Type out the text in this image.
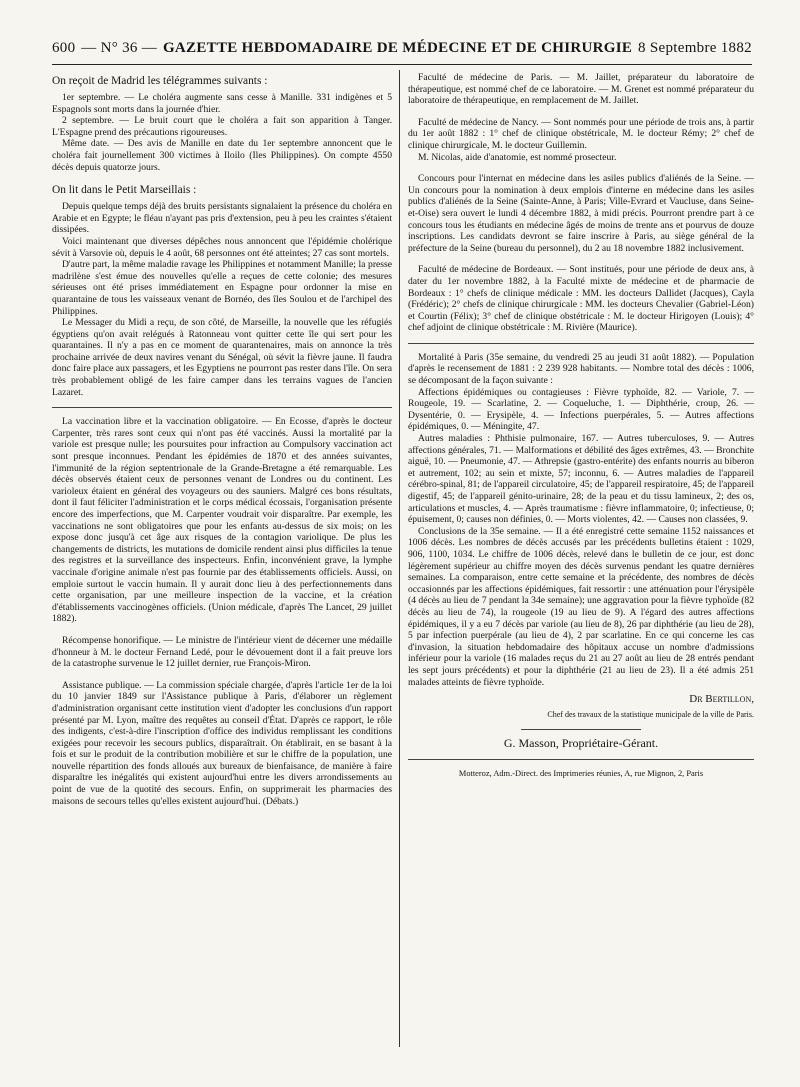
600 — N° 36 — GAZETTE HEBDOMADAIRE DE MÉDECINE ET DE CHIRURGIE 8 Septembre 1882

On reçoit de Madrid les télégrammes suivants :

1er septembre. — Le choléra augmente sans cesse à Manille. 331 indigènes et 5 Espagnols sont morts dans la journée d'hier.

2 septembre. — Le bruit court que le choléra a fait son apparition à Tanger. L'Espagne prend des précautions rigoureuses.

Même date. — Des avis de Manille en date du 1er septembre annoncent que le choléra fait journellement 300 victimes à Iloilo (Iles Philippines). On compte 4550 décès depuis quatorze jours.

On lit dans le Petit Marseillais :

Depuis quelque temps déjà des bruits persistants signalaient la présence du choléra en Arabie et en Egypte; le fléau n'ayant pas pris d'extension, peu à peu les craintes s'étaient dissipées.

Voici maintenant que diverses dépêches nous annoncent que l'épidémie cholérique sévit à Varsovie où, depuis le 4 août, 68 personnes ont été atteintes; 27 cas sont mortels.

D'autre part, la même maladie ravage les Philippines et notamment Manille; la presse madrilène s'est émue des nouvelles qu'elle a reçues de cette colonie; des mesures sérieuses ont été prises immédiatement en Espagne pour ordonner la mise en quarantaine de tous les vaisseaux venant de Bornéo, des îles Soulou et de l'archipel des Philippines.

Le Messager du Midi a reçu, de son côté, de Marseille, la nouvelle que les réfugiés égyptiens qu'on avait relégués à Ratonneau vont quitter cette île qui sert pour les quarantaines. Il n'y a pas en ce moment de quarantenaires, mais on annonce la très prochaine arrivée de deux navires venant du Sénégal, où sévit la fièvre jaune. Il faudra donc faire place aux passagers, et les Egyptiens ne pourront pas rester dans l'île. On sera très probablement obligé de les faire camper dans les terrains vagues de l'ancien Lazaret.

La vaccination libre et la vaccination obligatoire. — En Ecosse, d'après le docteur Carpenter, très rares sont ceux qui n'ont pas été vaccinés. Aussi la mortalité par la variole est presque nulle; les poursuites pour infraction au Compulsory vaccination act sont presque inconnues. Pendant les épidémies de 1870 et des années suivantes, l'immunité de la région septentrionale de la Grande-Bretagne a été remarquable. Les décès observés étaient ceux de personnes venant de Londres ou du continent. Les varioleux étaient en général des voyageurs ou des sauniers. Malgré ces bons résultats, dont il faut féliciter l'administration et le corps médical écossais, l'organisation présente encore des imperfections, que M. Carpenter voudrait voir disparaître. Par exemple, les vaccinations ne sont obligatoires que pour les enfants au-dessus de six mois; on les expose donc jusqu'à cet âge aux risques de la contagion variolique. De plus les changements de districts, les mutations de domicile rendent ainsi plus difficiles la tenue des registres et la surveillance des inspecteurs. Enfin, inconvénient grave, la lymphe vaccinale d'origine animale n'est pas fournie par des établissements officiels. Aussi, on emploie surtout le vaccin humain. Il y aurait donc lieu à des perfectionnements dans cette organisation, par une meilleure inspection de la vaccine, et la création d'établissements vaccinogènes officiels. (Union médicale, d'après The Lancet, 29 juillet 1882).

Récompense honorifique. — Le ministre de l'intérieur vient de décerner une médaille d'honneur à M. le docteur Fernand Ledé, pour le dévouement dont il a fait preuve lors de la catastrophe survenue le 12 juillet dernier, rue François-Miron.

Assistance publique. — La commission spéciale chargée, d'après l'article 1er de la loi du 10 janvier 1849 sur l'Assistance publique à Paris, d'élaborer un règlement d'administration organisant cette institution vient d'adopter les conclusions d'un rapport présenté par M. Lyon, maître des requêtes au conseil d'État. D'après ce rapport, le rôle des indigents, c'est-à-dire l'inscription d'office des individus remplissant les conditions exigées pour recevoir les secours publics, disparaîtrait. On établirait, en se basant à la fois et sur le produit de la contribution mobilière et sur le chiffre de la population, une nouvelle répartition des fonds alloués aux bureaux de bienfaisance, de manière à faire disparaître les inégalités qui existent aujourd'hui entre les divers arrondissements au point de vue de la quotité des secours. Enfin, on supprimerait les pharmacies des maisons de secours telles qu'elles existent aujourd'hui. (Débats.)

Faculté de médecine de Paris. — M. Jaillet, préparateur du laboratoire de thérapeutique, est nommé chef de ce laboratoire. — M. Grenet est nommé préparateur du laboratoire de thérapeutique, en remplacement de M. Jaillet.

Faculté de médecine de Nancy. — Sont nommés pour une période de trois ans, à partir du 1er août 1882 : 1° chef de clinique obstétricale, M. le docteur Rémy; 2° chef de clinique chirurgicale, M. le docteur Guillemin.

M. Nicolas, aide d'anatomie, est nommé prosecteur.

Concours pour l'internat en médecine dans les asiles publics d'aliénés de la Seine. — Un concours pour la nomination à deux emplois d'interne en médecine dans les asiles publics d'aliénés de la Seine (Sainte-Anne, à Paris; Ville-Evrard et Vaucluse, dans Seine-et-Oise) sera ouvert le lundi 4 décembre 1882, à midi précis. Pourront prendre part à ce concours tous les étudiants en médecine âgés de moins de trente ans et pourvus de douze inscriptions. Les candidats devront se faire inscrire à Paris, au siège général de la préfecture de la Seine (bureau du personnel), du 2 au 18 novembre 1882 inclusivement.

Faculté de médecine de Bordeaux. — Sont institués, pour une période de deux ans, à dater du 1er novembre 1882, à la Faculté mixte de médecine et de pharmacie de Bordeaux : 1° chefs de clinique médicale : MM. les docteurs Dallidet (Jacques), Cayla (Frédéric); 2° chefs de clinique chirurgicale : MM. les docteurs Chevalier (Gabriel-Léon) et Courtin (Félix); 3° chef de clinique obstétricale : M. le docteur Hirigoyen (Louis); 4° chef adjoint de clinique obstétricale : M. Rivière (Maurice).

Mortalité à Paris (35e semaine, du vendredi 25 au jeudi 31 août 1882). — Population d'après le recensement de 1881 : 2 239 928 habitants. — Nombre total des décès : 1006, se décomposant de la façon suivante :

Affections épidémiques ou contagieuses : Fièvre typhoïde, 82. — Variole, 7. — Rougeole, 19. — Scarlatine, 2. — Coqueluche, 1. — Diphthérie, croup, 26. — Dysentérie, 0. — Erysipèle, 4. — Infections puerpérales, 5. — Autres affections épidémiques, 0. — Méningite, 47.

Autres maladies : Phthisie pulmonaire, 167. — Autres tuberculoses, 9. — Autres affections générales, 71. — Malformations et débilité des âges extrêmes, 43. — Bronchite aiguë, 10. — Pneumonie, 47. — Athrepsie (gastro-entérite) des enfants nourris au biberon et autrement, 102; au sein et mixte, 57; inconnu, 6. — Autres maladies de l'appareil cérébro-spinal, 81; de l'appareil circulatoire, 45; de l'appareil respiratoire, 45; de l'appareil digestif, 45; de l'appareil génito-urinaire, 28; de la peau et du tissu lamineux, 2; des os, articulations et muscles, 4. — Après traumatisme : fièvre inflammatoire, 0; infectieuse, 0; épuisement, 0; causes non définies, 0. — Morts violentes, 42. — Causes non classées, 9.

Conclusions de la 35e semaine. — Il a été enregistré cette semaine 1152 naissances et 1006 décès. Les nombres de décès accusés par les précédents bulletins étaient : 1029, 906, 1100, 1034. Le chiffre de 1006 décès, relevé dans le bulletin de ce jour, est donc légèrement supérieur au chiffre moyen des décès survenus pendant les quatre dernières semaines. La comparaison, entre cette semaine et la précédente, des nombres de décès occasionnés par les affections épidémiques, fait ressortir : une atténuation pour l'érysipèle (4 décès au lieu de 7 pendant la 34e semaine); une aggravation pour la fièvre typhoïde (82 décès au lieu de 74), la rougeole (19 au lieu de 9). A l'égard des autres affections épidémiques, il y a eu 7 décès par variole (au lieu de 8), 26 par diphthérie (au lieu de 28), 5 par infection puerpérale (au lieu de 4), 2 par scarlatine. En ce qui concerne les cas d'invasion, la situation hebdomadaire des hôpitaux accuse un nombre d'admissions inférieur pour la variole (16 malades reçus du 21 au 27 août au lieu de 28 entrés pendant les sept jours précédents) et pour la diphthérie (21 au lieu de 23). Il a été admis 251 malades atteints de fièvre typhoïde.

Dr Bertillon,
Chef des travaux de la statistique municipale de la ville de Paris.
G. Masson, Propriétaire-Gérant.
Motteroz, Adm.-Direct. des Imprimeries réunies, A, rue Mignon, 2, Paris
